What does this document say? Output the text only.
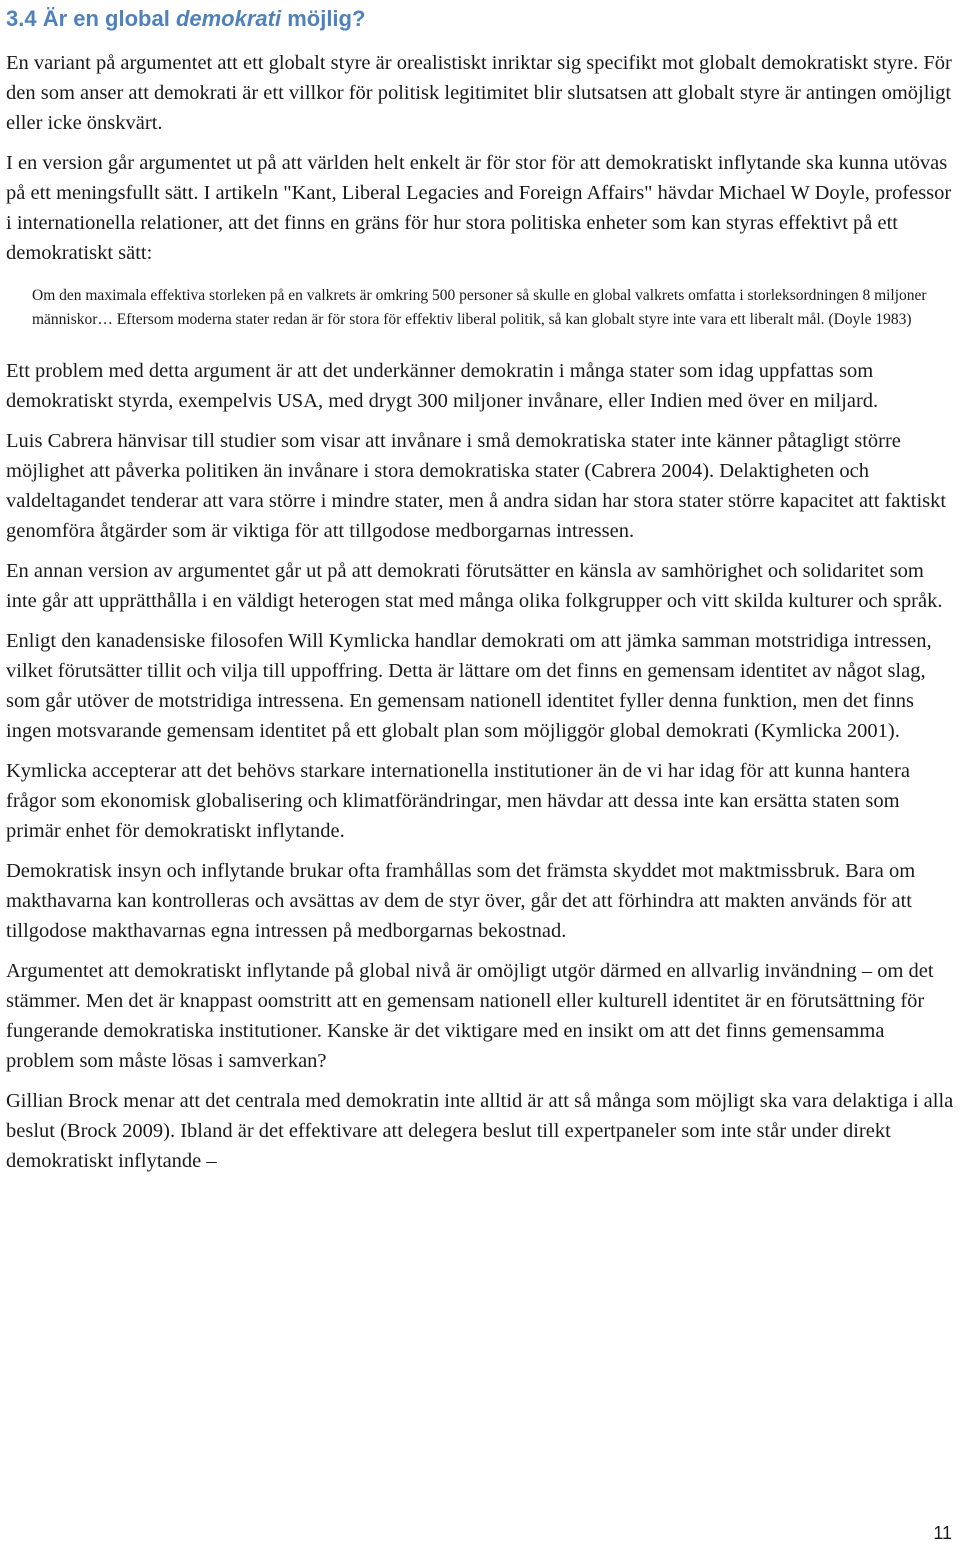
3.4 Är en global demokrati möjlig?

En variant på argumentet att ett globalt styre är orealistiskt inriktar sig specifikt mot globalt demokratiskt styre. För den som anser att demokrati är ett villkor för politisk legitimitet blir slutsatsen att globalt styre är antingen omöjligt eller icke önskvärt.

I en version går argumentet ut på att världen helt enkelt är för stor för att demokratiskt inflytande ska kunna utövas på ett meningsfullt sätt. I artikeln "Kant, Liberal Legacies and Foreign Affairs" hävdar Michael W Doyle, professor i internationella relationer, att det finns en gräns för hur stora politiska enheter som kan styras effektivt på ett demokratiskt sätt:

Om den maximala effektiva storleken på en valkrets är omkring 500 personer så skulle en global valkrets omfatta i storleksordningen 8 miljoner människor… Eftersom moderna stater redan är för stora för effektiv liberal politik, så kan globalt styre inte vara ett liberalt mål. (Doyle 1983)

Ett problem med detta argument är att det underkänner demokratin i många stater som idag uppfattas som demokratiskt styrda, exempelvis USA, med drygt 300 miljoner invånare, eller Indien med över en miljard.

Luis Cabrera hänvisar till studier som visar att invånare i små demokratiska stater inte känner påtagligt större möjlighet att påverka politiken än invånare i stora demokratiska stater (Cabrera 2004). Delaktigheten och valdeltagandet tenderar att vara större i mindre stater, men å andra sidan har stora stater större kapacitet att faktiskt genomföra åtgärder som är viktiga för att tillgodose medborgarnas intressen.

En annan version av argumentet går ut på att demokrati förutsätter en känsla av samhörighet och solidaritet som inte går att upprätthålla i en väldigt heterogen stat med många olika folkgrupper och vitt skilda kulturer och språk.

Enligt den kanadensiske filosofen Will Kymlicka handlar demokrati om att jämka samman motstridiga intressen, vilket förutsätter tillit och vilja till uppoffring. Detta är lättare om det finns en gemensam identitet av något slag, som går utöver de motstridiga intressena. En gemensam nationell identitet fyller denna funktion, men det finns ingen motsvarande gemensam identitet på ett globalt plan som möjliggör global demokrati (Kymlicka 2001).

Kymlicka accepterar att det behövs starkare internationella institutioner än de vi har idag för att kunna hantera frågor som ekonomisk globalisering och klimatförändringar, men hävdar att dessa inte kan ersätta staten som primär enhet för demokratiskt inflytande.

Demokratisk insyn och inflytande brukar ofta framhållas som det främsta skyddet mot maktmissbruk. Bara om makthavarna kan kontrolleras och avsättas av dem de styr över, går det att förhindra att makten används för att tillgodose makthavarnas egna intressen på medborgarnas bekostnad.

Argumentet att demokratiskt inflytande på global nivå är omöjligt utgör därmed en allvarlig invändning – om det stämmer. Men det är knappast oomstritt att en gemensam nationell eller kulturell identitet är en förutsättning för fungerande demokratiska institutioner. Kanske är det viktigare med en insikt om att det finns gemensamma problem som måste lösas i samverkan?

Gillian Brock menar att det centrala med demokratin inte alltid är att så många som möjligt ska vara delaktiga i alla beslut (Brock 2009). Ibland är det effektivare att delegera beslut till expertpaneler som inte står under direkt demokratiskt inflytande –

11
